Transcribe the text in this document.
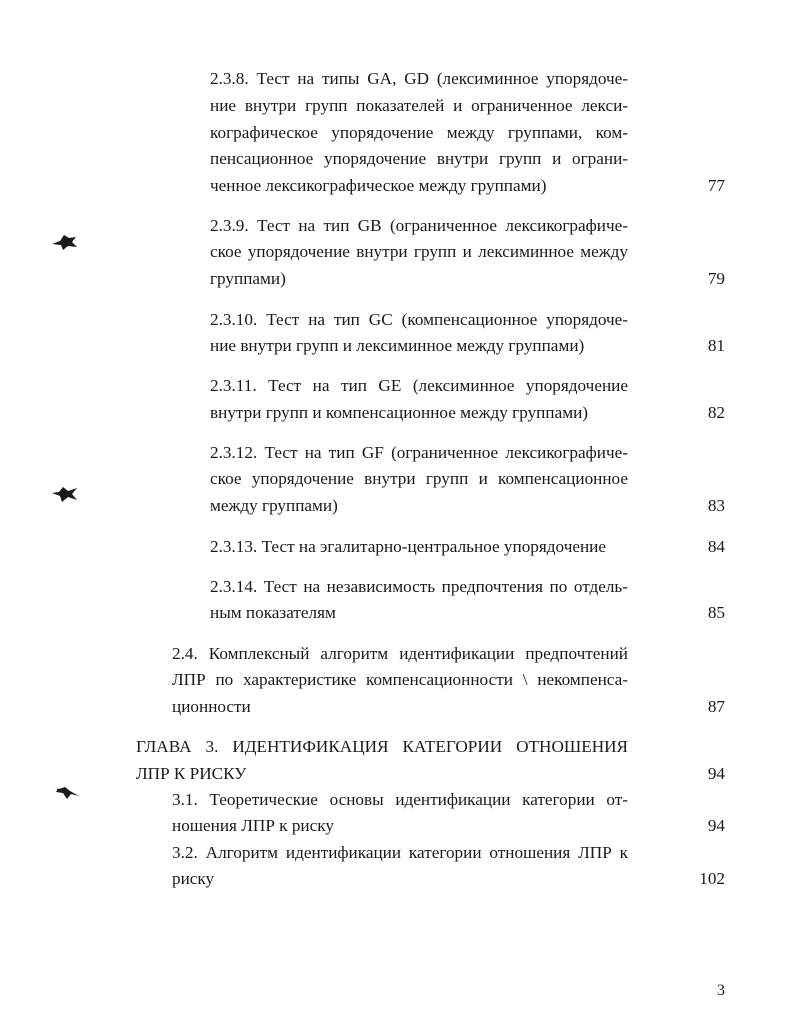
2.3.8. Тест на типы GA, GD (лексиминное упорядоче-
ние внутри групп показателей и ограниченное лекси-
кографическое упорядочение между группами, ком-
пенсационное упорядочение внутри групп и ограни-
ченное лексикографическое между группами)	77
2.3.9. Тест на тип GB (ограниченное лексикографиче-
ское упорядочение внутри групп и лексиминное между
группами)	79
2.3.10. Тест на тип GC (компенсационное упорядоче-
ние внутри групп и лексиминное между группами)	81
2.3.11. Тест на тип GE (лексиминное упорядочение
внутри групп и компенсационное между группами)	82
2.3.12. Тест на тип GF (ограниченное лексикографиче-
ское упорядочение внутри групп и компенсационное
между группами)	83
2.3.13. Тест на эгалитарно-центральное упорядочение	84
2.3.14. Тест на независимость предпочтения по отдель-
ным показателям	85
2.4. Комплексный алгоритм идентификации предпочтений
ЛПР по характеристике компенсационности \ некомпенса-
ционности	87
ГЛАВА 3. ИДЕНТИФИКАЦИЯ КАТЕГОРИИ ОТНОШЕНИЯ
ЛПР К РИСКУ	94
3.1. Теоретические основы идентификации категории от-
ношения ЛПР к риску	94
3.2. Алгоритм идентификации категории отношения ЛПР к
риску	102
3
